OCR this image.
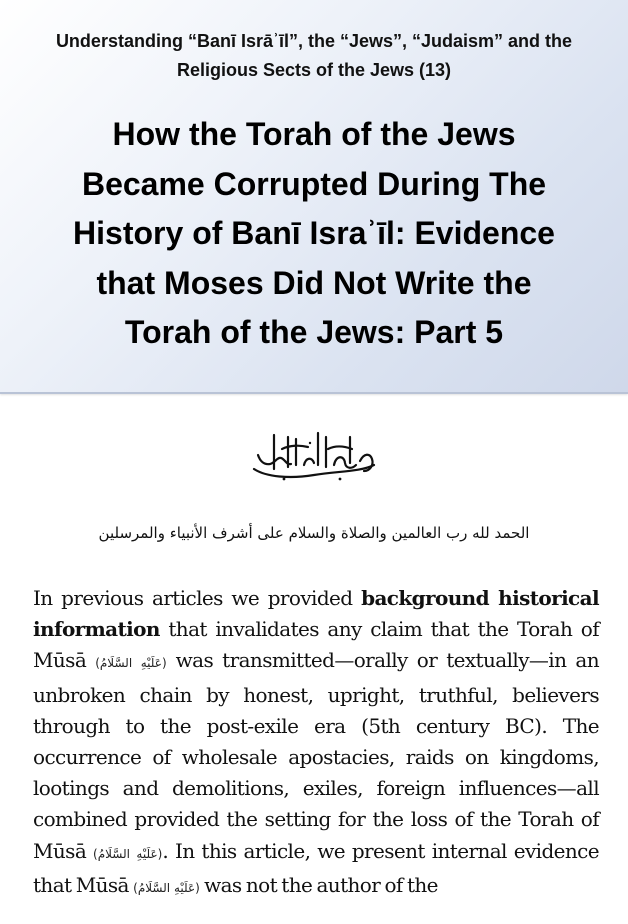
Understanding “Banī Isrāʾīl”, the “Jews”, “Judaism” and the
Religious Sects of the Jews (13)
How the Torah of the Jews
Became Corrupted During The
History of Banī Israʾīl: Evidence
that Moses Did Not Write the
Torah of the Jews: Part 5
الحمد لله رب العالمين والصلاة والسلام على أشرف الأنبياء والمرسلين
In previous articles we provided background historical information that invalidates any claim that the Torah of Mūsā (عَلَيْهِ السَّلَامُ) was transmitted—orally or textually—in an unbroken chain by honest, upright, truthful, believers through to the post-exile era (5th century BC). The occurrence of wholesale apostacies, raids on kingdoms, lootings and demolitions, exiles, foreign influences—all combined provided the setting for the loss of the Torah of Mūsā (عَلَيْهِ السَّلَامُ). In this article, we present internal evidence that Mūsā (عَلَيْهِ السَّلَامُ) was not the author of the
